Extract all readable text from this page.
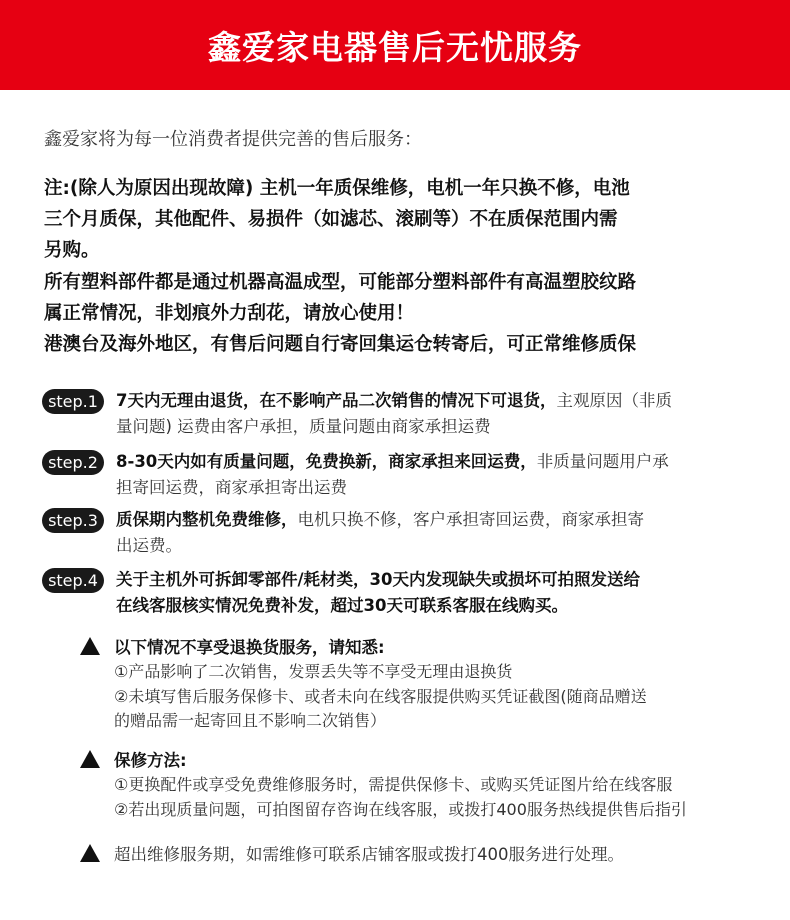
鑫爱家电器售后无忧服务
鑫爱家将为每一位消费者提供完善的售后服务：

注:(除人为原因出现故障) 主机一年质保维修，电机一年只换不修，电池

三个月质保，其他配件、易损件（如滤芯、滚刷等）不在质保范围内需

另购。

所有塑料部件都是通过机器高温成型，可能部分塑料部件有高温塑胶纹路

属正常情况，非划痕外力刮花，请放心使用！

港澳台及海外地区，有售后问题自行寄回集运仓转寄后，可正常维修质保

step.1	7天内无理由退货，在不影响产品二次销售的情况下可退货，主观原因（非质
量问题) 运费由客户承担，质量问题由商家承担运费
step.2	8-30天内如有质量问题，免费换新，商家承担来回运费，非质量问题用户承
担寄回运费，商家承担寄出运费
step.3	质保期内整机免费维修，电机只换不修，客户承担寄回运费，商家承担寄
出运费。
step.4	关于主机外可拆卸零部件/耗材类，30天内发现缺失或损坏可拍照发送给
在线客服核实情况免费补发，超过30天可联系客服在线购买。
以下情况不享受退换货服务，请知悉:
①产品影响了二次销售，发票丢失等不享受无理由退换货
②未填写售后服务保修卡、或者未向在线客服提供购买凭证截图(随商品赠送
的赠品需一起寄回且不影响二次销售）
保修方法:
①更换配件或享受免费维修服务时，需提供保修卡、或购买凭证图片给在线客服
②若出现质量问题，可拍图留存咨询在线客服，或拨打400服务热线提供售后指引
超出维修服务期，如需维修可联系店铺客服或拨打400服务进行处理。
